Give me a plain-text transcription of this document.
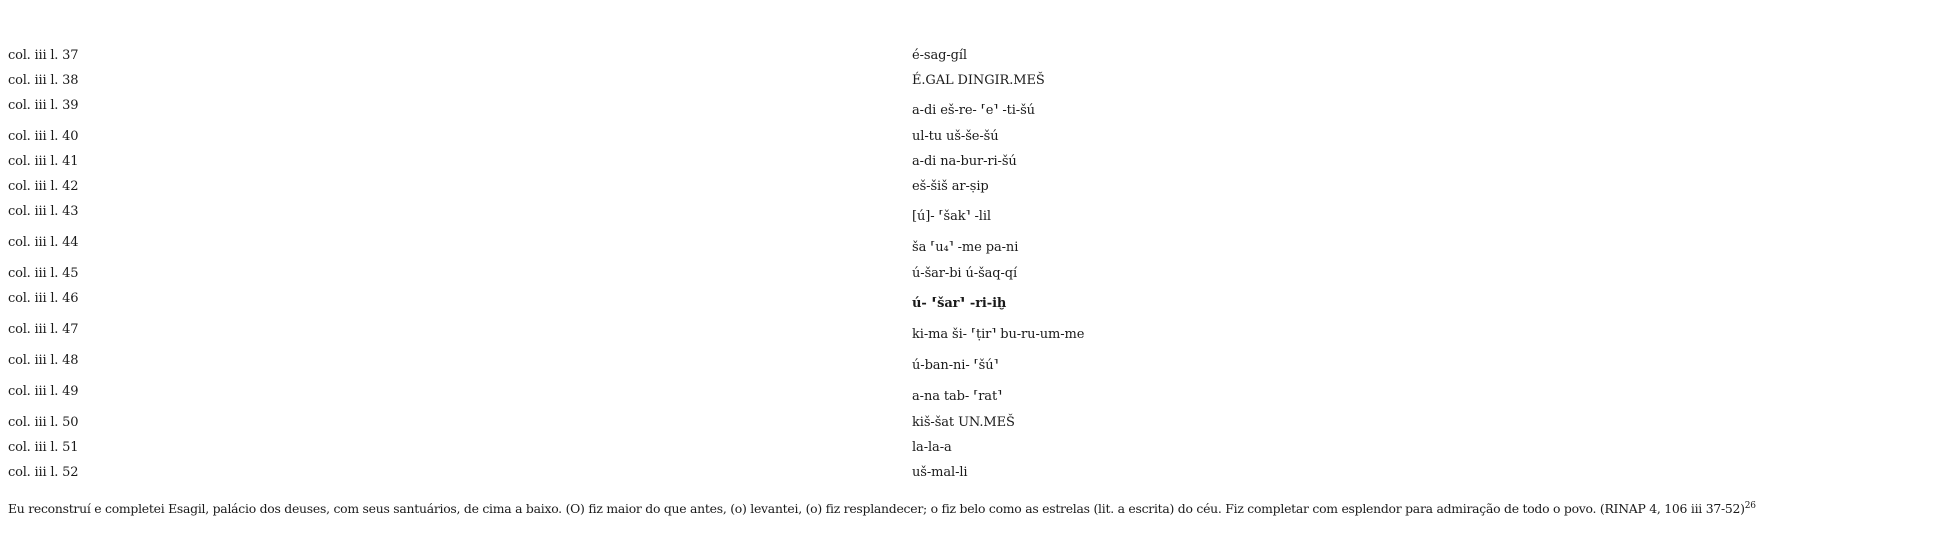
col. iii l. 37	é-sag-gíl
col. iii l. 38	É.GAL DINGIR.MEŠ
col. iii l. 39	a-di eš-re- ⸢e⸣ -ti-šú
col. iii l. 40	ul-tu uš-še-šú
col. iii l. 41	a-di na-bur-ri-šú
col. iii l. 42	eš-šiš ar-ṣip
col. iii l. 43	[ú]- ⸢šak⸣ -lil
col. iii l. 44	ša ⸢u₄⸣ -me pa-ni
col. iii l. 45	ú-šar-bi ú-šaq-qí
col. iii l. 46	ú- ⸢šar⸣ -ri-iḫ
col. iii l. 47	ki-ma ši- ⸢ṭir⸣ bu-ru-um-me
col. iii l. 48	ú-ban-ni- ⸢šú⸣
col. iii l. 49	a-na tab- ⸢rat⸣
col. iii l. 50	kiš-šat UN.MEŠ
col. iii l. 51	la-la-a
col. iii l. 52	uš-mal-li
Eu reconstruí e completei Esagil, palácio dos deuses, com seus santuários, de cima a baixo. (O) fiz maior do que antes, (o) levantei, (o) fiz resplandecer; o fiz belo como as estrelas (lit. a escrita) do céu. Fiz completar com esplendor para admiração de todo o povo. (RINAP 4, 106 iii 37-52)$^{26}$
